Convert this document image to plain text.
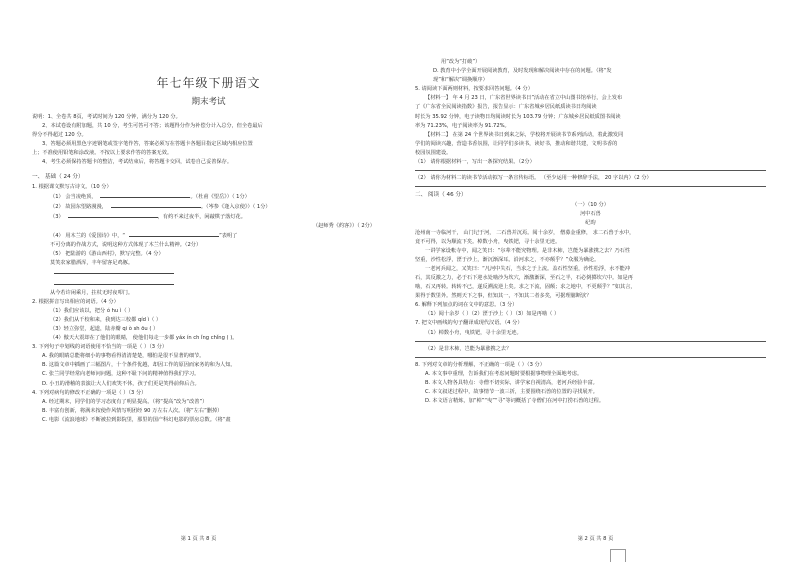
年七年级下册语文
期末考试
说明：1、全卷共 8页，考试时间为 120 分钟，满分为 120 分。
2、本试卷设有附加题，共 10 分，考生可答可不答；该题得分作为补偿分计入总分，但全卷最后
得分不得超过 120 分。
3、答题必须用黑色字迹钢笔或签字笔作答，答案必须写在答题卡各题目指定区域内相应位置
上；不准使用铅笔和涂改液。不按以上要求作答的答案无效。
4、考生必须保持答题卡的整洁，考试结束后，将答题卡交回，试卷自己妥善保存。
一、 基础（ 24 分）
1. 根据课文默写古诗文。（10 分）
（1） 会当凌绝顶，	。（杜甫《望岳》）（ 1分）
（2） 故园东望路漫漫，	。（岑参《逢入京使》）（ 1分）
（3）	，有约不来过夜半，闲敲棋子落灯花。
（赵师秀《约客》）（ 2分）
（4） 用木兰的《爱国诗》中，“	”表明了
不可分离的作战方式，说明这种方式体现了木兰什么精神。（2分）
（5） 把陆游的《游山西村》，默写完整。（4 分）
莫笑农家腊酒浑，丰年留客足鸡豚。
从今若许闲乘月，拄杖无时夜叩门。
2. 根据拼音写出相应的词语。（4 分）
（1）我们应该以，把分 ó hu ì（ ）
（2）我们从千校和来，我到达三校都 qíd ì（ ）
（3）轻立弥堂，起道，陆赤瓣 qi ò sh ōu ( ）
（4）傲天大震却在了他们的眼睛， 使他们每走一步都 yáx ín ch ǐng chǐng ( )。
3. 下列句子中划线的词语使用不恰当的一项是（ ）（3 分）
A. 我的眼睛总能将细小的事物看得清清楚楚，哪怕是很不显著的细节。
B. 这篇文章中插画了三幅图片，十个条件优越，却因工作的原因而家务的和为人知。
C. 张兰同学经常向老师问问题，这种不耻下问的精神值得我们学习。
D. 小丑的滑稽的表演让大人们欢笑不休，孩子们更是笑得前仰后合。
4. 下列对病句的修改不正确的一项是（ ）（3 分）
A. 经过期末，同学们的学习态度有了明显提高。（将“提高”改为“改善”）
B. 丰富有创新，将满未按使作风情写明团经 90 万左右人次。（将“左右”删掉）
C. 电影《流浪地球》不断被拉到影院里，那里的国产科幻电影的票房总数。（将“畫
第 1 页 共 8 页
用”改为“打破”）
D. 教育中小学全面开展阅读教育，及时发现和解决阅读中存在的问题。（将“发
现”和“解决”调换顺序）
5. 请阅读下面两则材料，按要求回答问题。（4 分）
【材料一】 年 4 月 23 日，广东省世界读书日”活动在省立中山图书馆举行，会上发布
了《广东省全民阅读指数》报告，报告显示：广东省城乡居民纸质读书日均阅读
时长为 35.92 分钟，电子读物日均阅读时长为 103.79 分钟；广东城乡居民纸质图书阅读
率为 71.23%，电子阅读率为 91.72%。
【材料二】 在第 24 个世界读书日到来之际，学校将开展读书节系列活动，着此激发同
学们的阅读兴趣，营造书香氛围，让同学们多读书，读好书，推动和谐共建，文明书香的
校园氛围建设。
（1） 请你根据材料一，写出一条探究结果。（2分）
（2） 请你为材料二的读书节活动拟写一条宣传标语。 （至少运用一种修辞手法， 20 字以内）（2 分）
二、 阅读（ 46 分）
（一）（10 分）
河中石兽
纪昀
沧州南一寺临河干， 山门圮于河， 二石兽并沉焉。阅十余岁， 僧募金重修， 求二石兽于水中，
竟不可得，以为顺流下矣。棹数小舟，曳铁钯，寻十余里无迹。
一讲学家设帐寺中，闻之笑曰：“尔辈不能究物理。是非木柿，岂能为暴涨携之去？乃石性
坚重，沙性松浮，湮于沙上，渐沉渐深耳。沿河求之，不亦颠乎？”众服为确论。
一老河兵闻之，又笑曰：“凡河中失石，当求之于上流。盖石性坚重，沙性松浮，水不能冲
石，其反激之力，必于石下迎水处啮沙为坎穴，渐激渐深，至石之半，石必倒掷坎穴中。如是再
啮，石又再转。转转不已，遂反溯流逆上矣。求之下流，固颠；求之地中，不更颠乎？”如其言，
果得于数里外。然则天下之事，但知其一，不知其二者多矣，可据理臆断欤？
6. 解释下列加点的词在文中的意思。（3 分）
（1）阅十余岁（ ）（2）湮于沙上（ ）（3）如是再啮（ ）
7. 把文中画线的句子翻译成现代汉语。（4 分）
（1）棹数小舟，曳铁钯，寻十余里无迹。
（2）是非木柿，岂能为暴涨携之去？
8. 下列对文章的分析理解，不正确的一项是（ ）（3 分）
A. 本文事中重理，告诉我们在考虑问题时要根据事物理全面地考虑。
B. 本文人物各具特点：寺僧不切实际，讲学家自视清高，老河兵经验丰富。
C. 本文叙述过程中，故事情节一波三折，主要围绕石兽的位置的寻找展开。
D. 本文语言精炼，加“棹”“曳”“寻”等词概括了寺僧们在河中打捞石兽的过程。
第 2 页 共 8 页
